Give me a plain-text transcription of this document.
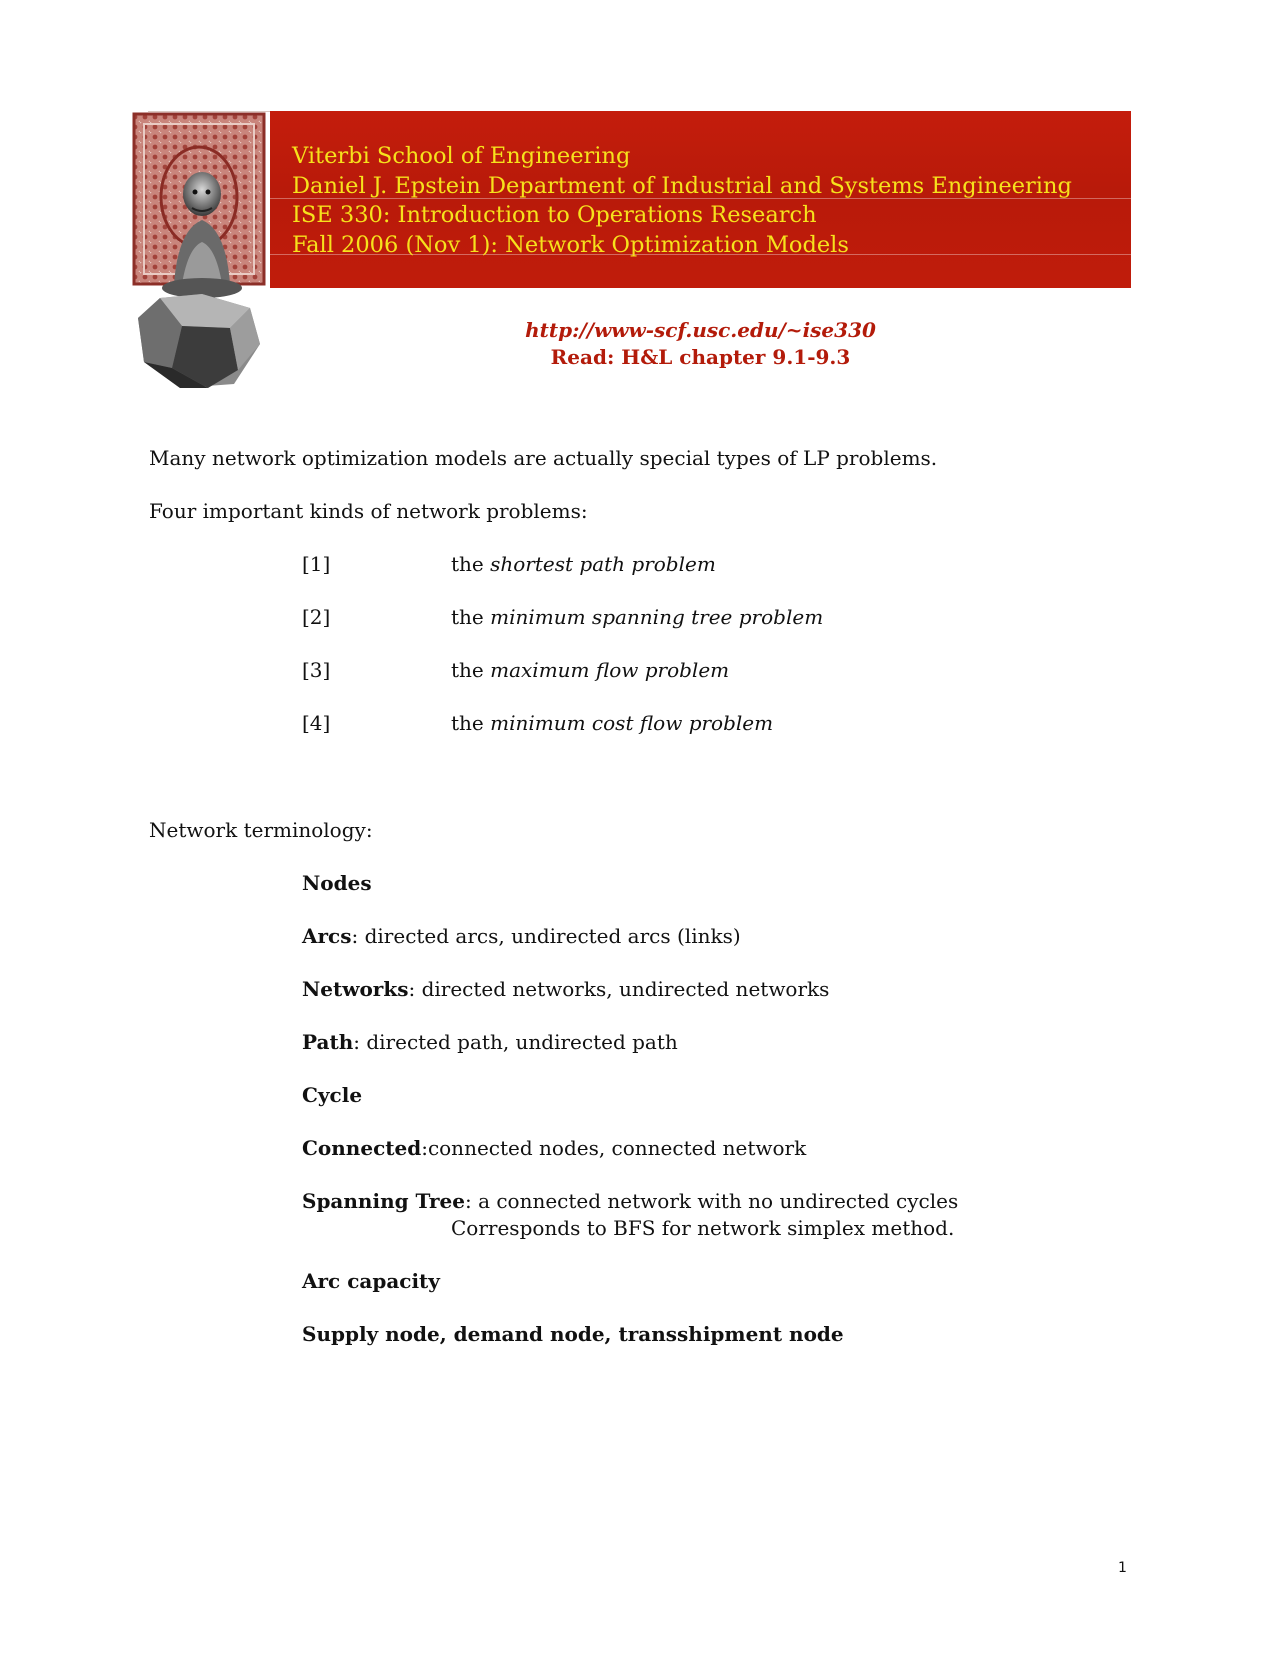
Viterbi School of Engineering
Daniel J. Epstein Department of Industrial and Systems Engineering
ISE 330: Introduction to Operations Research
Fall 2006 (Nov 1): Network Optimization Models
http://www-scf.usc.edu/~ise330
Read: H&L chapter 9.1-9.3
Many network optimization models are actually special types of LP problems.
Four important kinds of network problems:
[1]	the shortest path problem
[2]	the minimum spanning tree problem
[3]	the maximum flow problem
[4]	the minimum cost flow problem
Network terminology:
Nodes
Arcs: directed arcs, undirected arcs (links)
Networks: directed networks, undirected networks
Path: directed path, undirected path
Cycle
Connected:connected nodes, connected network
Spanning Tree: a connected network with no undirected cycles
Corresponds to BFS for network simplex method.
Arc capacity
Supply node, demand node, transshipment node
1
